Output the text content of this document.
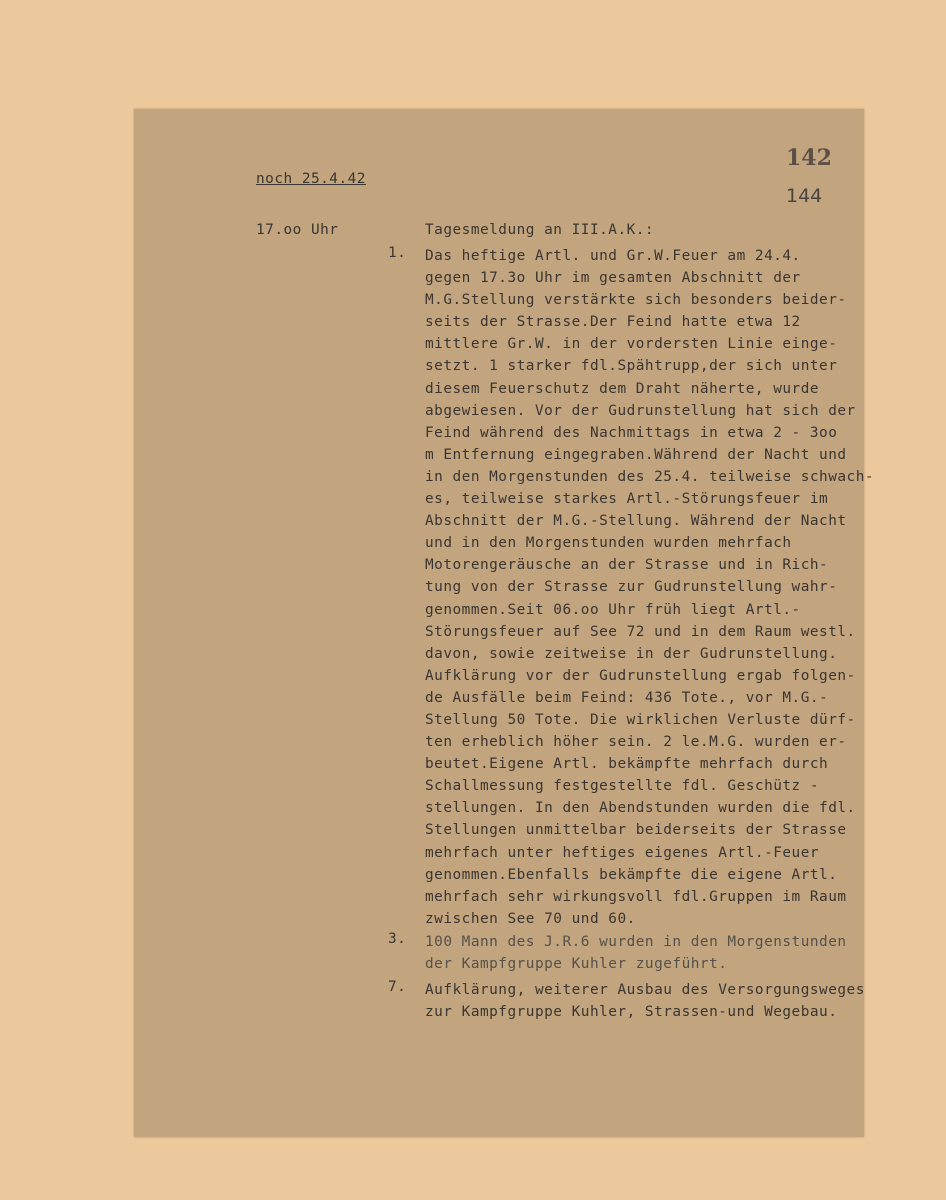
142
144
noch 25.4.42
17.oo Uhr	Tagesmeldung an III.A.K.:
1. Das heftige Artl. und Gr.W.Feuer am 24.4.
gegen 17.3o Uhr im gesamten Abschnitt der
M.G.Stellung verstärkte sich besonders beider-
seits der Strasse.Der Feind hatte etwa 12
mittlere Gr.W. in der vordersten Linie einge-
setzt. 1 starker fdl.Spähtrupp,der sich unter
diesem Feuerschutz dem Draht näherte, wurde
abgewiesen. Vor der Gudrunstellung hat sich der
Feind während des Nachmittags in etwa 2 - 3oo
m Entfernung eingegraben.Während der Nacht und
in den Morgenstunden des 25.4. teilweise schwach-
es, teilweise starkes Artl.-Störungsfeuer im
Abschnitt der M.G.-Stellung. Während der Nacht
und in den Morgenstunden wurden mehrfach
Motorengeräusche an der Strasse und in Rich-
tung von der Strasse zur Gudrunstellung wahr-
genommen.Seit 06.oo Uhr früh liegt Artl.-
Störungsfeuer auf See 72 und in dem Raum westl.
davon, sowie zeitweise in der Gudrunstellung.
Aufklärung vor der Gudrunstellung ergab folgen-
de Ausfälle beim Feind: 436 Tote., vor M.G.-
Stellung 50 Tote. Die wirklichen Verluste dürf-
ten erheblich höher sein. 2 le.M.G. wurden er-
beutet.Eigene Artl. bekämpfte mehrfach durch
Schallmessung festgestellte fdl. Geschütz -
stellungen. In den Abendstunden wurden die fdl.
Stellungen unmittelbar beiderseits der Strasse
mehrfach unter heftiges eigenes Artl.-Feuer
genommen.Ebenfalls bekämpfte die eigene Artl.
mehrfach sehr wirkungsvoll fdl.Gruppen im Raum
zwischen See 70 und 60.
3. 100 Mann des J.R.6 wurden in den Morgenstunden
der Kampfgruppe Kuhler zugeführt.
7. Aufklärung, weiterer Ausbau des Versorgungsweges
zur Kampfgruppe Kuhler, Strassen-und Wegebau.
